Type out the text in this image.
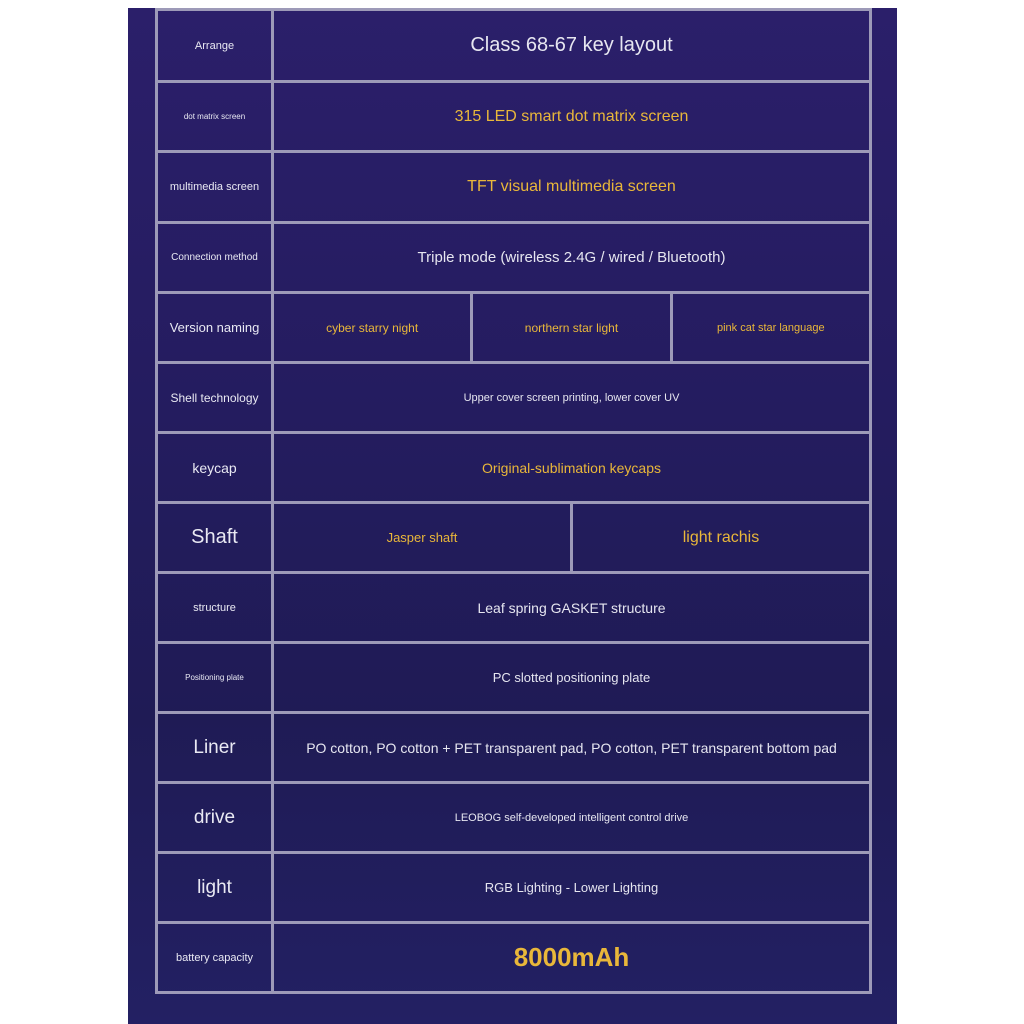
Arrange	Class 68-67 key layout			
dot matrix screen	315 LED smart dot matrix screen			
multimedia screen	TFT visual multimedia screen			
Connection method	Triple mode (wireless 2.4G / wired / Bluetooth)			
Version naming	cyber starry night	northern star light		pink cat star language
Shell technology	Upper cover screen printing, lower cover UV			
keycap	Original-sublimation keycaps			
Shaft	Jasper shaft		light rachis	
structure	Leaf spring GASKET structure			
Positioning plate	PC slotted positioning plate			
Liner	PO cotton, PO cotton + PET transparent pad, PO cotton, PET transparent bottom pad			
drive	LEOBOG self-developed intelligent control drive			
light	RGB Lighting - Lower Lighting			
battery capacity	8000mAh			
